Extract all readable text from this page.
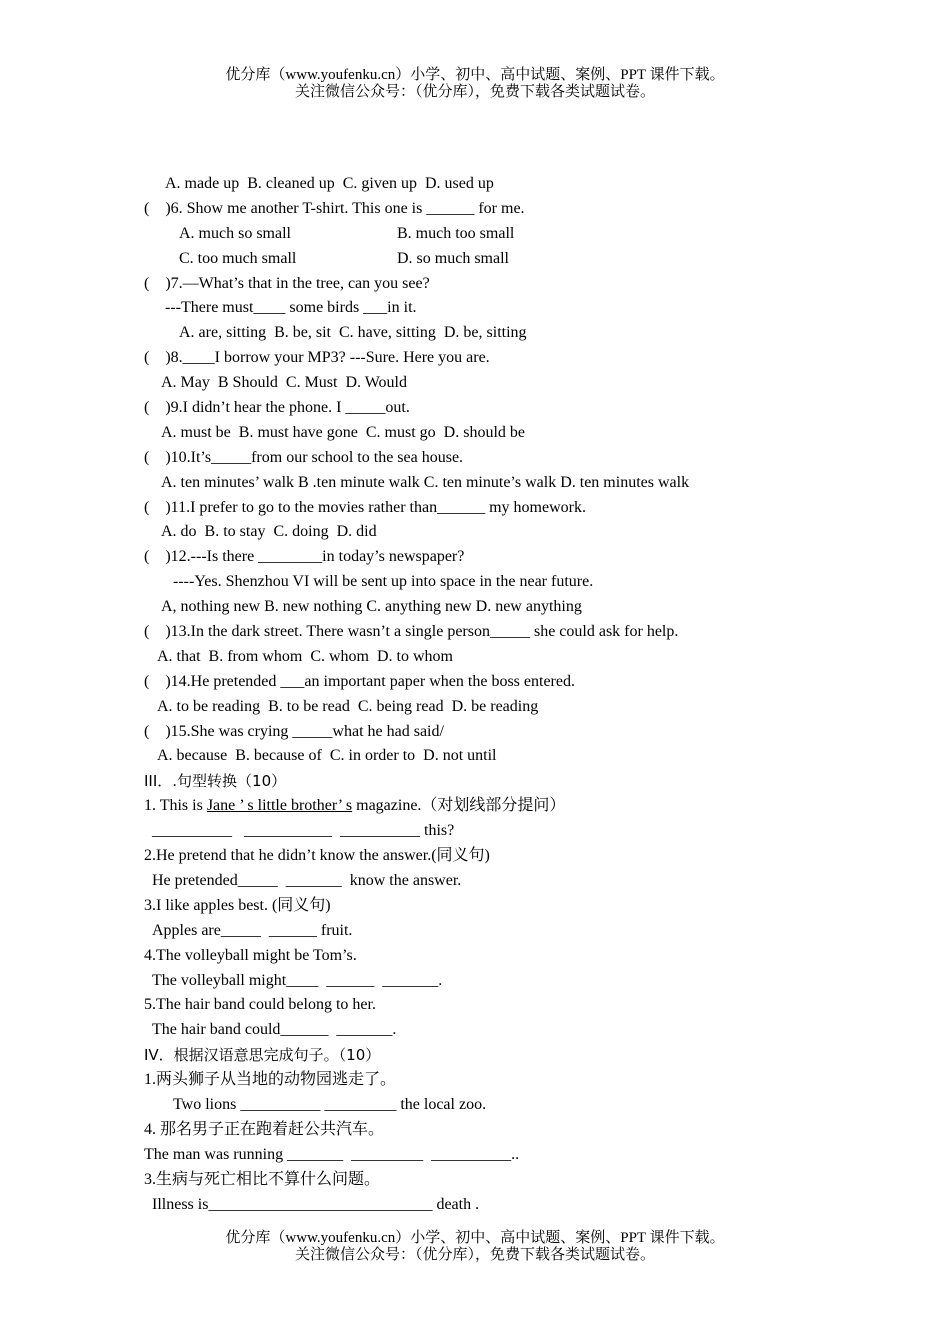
优分库（www.youfenku.cn）小学、初中、高中试题、案例、PPT 课件下载。
关注微信公众号：（优分库），免费下载各类试题试卷。
A. made up  B. cleaned up  C. given up  D. used up
(    )6. Show me another T-shirt. This one is ______ for me.
A. much so small	B. much too small
C. too much small	D. so much small
(    )7.—What’s that in the tree, can you see?
---There must____ some birds ___in it.
A. are, sitting  B. be, sit  C. have, sitting  D. be, sitting
(    )8.____I borrow your MP3? ---Sure. Here you are.
A. May  B Should  C. Must  D. Would
(    )9.I didn’t hear the phone. I _____out.
A. must be  B. must have gone  C. must go  D. should be
(    )10.It’s_____from our school to the sea house.
A. ten minutes’ walk B .ten minute walk C. ten minute’s walk D. ten minutes walk
(    )11.I prefer to go to the movies rather than______ my homework.
A. do  B. to stay  C. doing  D. did
(    )12.---Is there ________in today’s newspaper?
----Yes. Shenzhou VI will be sent up into space in the near future.
A, nothing new B. new nothing C. anything new D. new anything
(    )13.In the dark street. There wasn’t a single person_____ she could ask for help.
A. that  B. from whom  C. whom  D. to whom
(    )14.He pretended ___an important paper when the boss entered.
A. to be reading  B. to be read  C. being read  D. be reading
(    )15.She was crying _____what he had said/
A. because  B. because of  C. in order to  D. not until
III．.句型转换（10）
1. This is Jane ’ s little brother’ s magazine.（对划线部分提问）
__________   ___________  __________ this?
2.He pretend that he didn’t know the answer.(同义句)
He pretended_____  _______  know the answer.
3.I like apples best. (同义句)
Apples are_____  ______ fruit.
4.The volleyball might be Tom’s.
The volleyball might____  ______  _______.
5.The hair band could belong to her.
The hair band could______  _______.
IV．根据汉语意思完成句子。（10）
1.两头狮子从当地的动物园逃走了。
Two lions __________ _________ the local zoo.
4. 那名男子正在跑着赶公共汽车。
The man was running _______  _________  __________..
3.生病与死亡相比不算什么问题。
Illness is____________________________ death .
优分库（www.youfenku.cn）小学、初中、高中试题、案例、PPT 课件下载。
关注微信公众号：（优分库），免费下载各类试题试卷。
